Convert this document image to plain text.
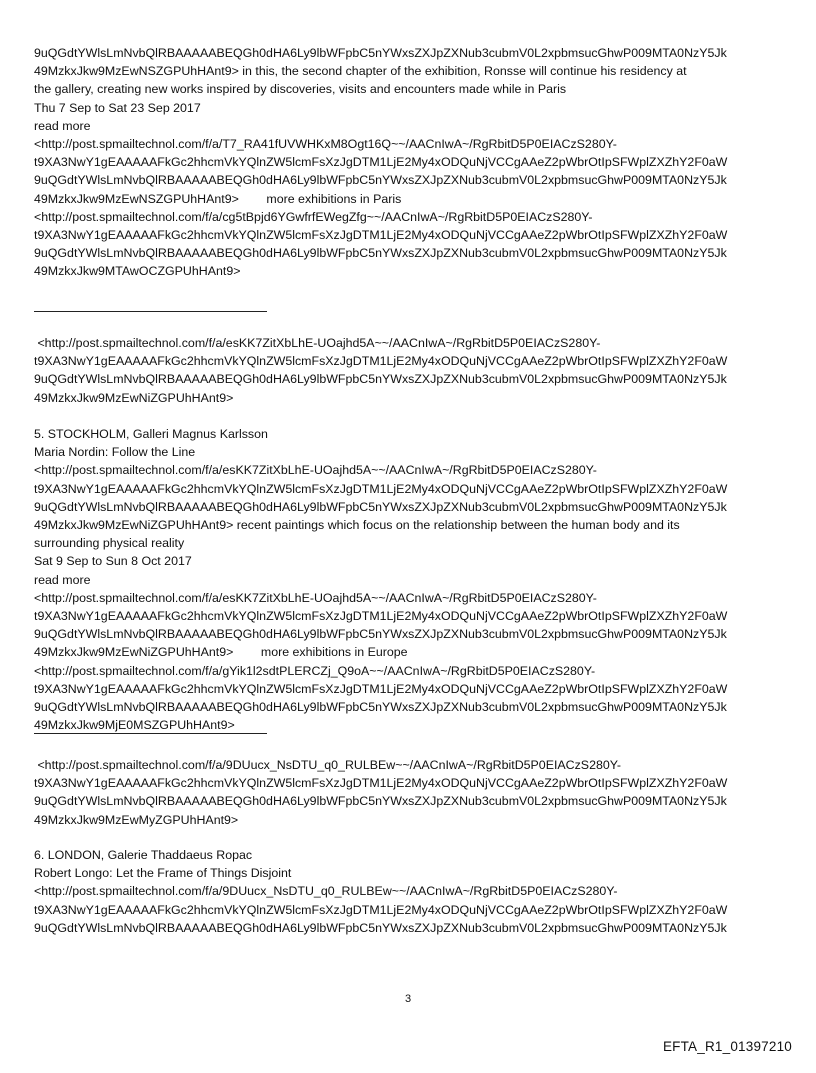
9uQGdtYWlsLmNvbQlRBAAAAABEQGh0dHA6Ly9lbWFpbC5nYWxsZXJpZXNub3cubmV0L2xpbmsucGhwP009MTA0NzY5Jk
49MzkxJkw9MzEwNSZGPUhHAnt9> in this, the second chapter of the exhibition, Ronsse will continue his residency at
the gallery, creating new works inspired by discoveries, visits and encounters made while in Paris
Thu 7 Sep to Sat 23 Sep 2017
read more
<http://post.spmailtechnol.com/f/a/T7_RA41fUVWHKxM8Ogt16Q~~/AACnIwA~/RgRbitD5P0EIACzS280Y-
t9XA3NwY1gEAAAAAFkGc2hhcmVkYQlnZW5lcmFsXzJgDTM1LjE2My4xODQuNjVCCgAAeZ2pWbrOtIpSFWplZXZhY2F0aW
9uQGdtYWlsLmNvbQlRBAAAAABEQGh0dHA6Ly9lbWFpbC5nYWxsZXJpZXNub3cubmV0L2xpbmsucGhwP009MTA0NzY5Jk
49MzkxJkw9MzEwNSZGPUhHAnt9>        more exhibitions in Paris
<http://post.spmailtechnol.com/f/a/cg5tBpjd6YGwfrfEWegZfg~~/AACnIwA~/RgRbitD5P0EIACzS280Y-
t9XA3NwY1gEAAAAAFkGc2hhcmVkYQlnZW5lcmFsXzJgDTM1LjE2My4xODQuNjVCCgAAeZ2pWbrOtIpSFWplZXZhY2F0aW
9uQGdtYWlsLmNvbQlRBAAAAABEQGh0dHA6Ly9lbWFpbC5nYWxsZXJpZXNub3cubmV0L2xpbmsucGhwP009MTA0NzY5Jk
49MzkxJkw9MTAwOCZGPUhHAnt9>
<http://post.spmailtechnol.com/f/a/esKK7ZitXbLhE-UOajhd5A~~/AACnIwA~/RgRbitD5P0EIACzS280Y-
t9XA3NwY1gEAAAAAFkGc2hhcmVkYQlnZW5lcmFsXzJgDTM1LjE2My4xODQuNjVCCgAAeZ2pWbrOtIpSFWplZXZhY2F0aW
9uQGdtYWlsLmNvbQlRBAAAAABEQGh0dHA6Ly9lbWFpbC5nYWxsZXJpZXNub3cubmV0L2xpbmsucGhwP009MTA0NzY5Jk
49MzkxJkw9MzEwNiZGPUhHAnt9>
5. STOCKHOLM, Galleri Magnus Karlsson
Maria Nordin: Follow the Line
<http://post.spmailtechnol.com/f/a/esKK7ZitXbLhE-UOajhd5A~~/AACnIwA~/RgRbitD5P0EIACzS280Y-
t9XA3NwY1gEAAAAAFkGc2hhcmVkYQlnZW5lcmFsXzJgDTM1LjE2My4xODQuNjVCCgAAeZ2pWbrOtIpSFWplZXZhY2F0aW
9uQGdtYWlsLmNvbQlRBAAAAABEQGh0dHA6Ly9lbWFpbC5nYWxsZXJpZXNub3cubmV0L2xpbmsucGhwP009MTA0NzY5Jk
49MzkxJkw9MzEwNiZGPUhHAnt9> recent paintings which focus on the relationship between the human body and its
surrounding physical reality
Sat 9 Sep to Sun 8 Oct 2017
read more
<http://post.spmailtechnol.com/f/a/esKK7ZitXbLhE-UOajhd5A~~/AACnIwA~/RgRbitD5P0EIACzS280Y-
t9XA3NwY1gEAAAAAFkGc2hhcmVkYQlnZW5lcmFsXzJgDTM1LjE2My4xODQuNjVCCgAAeZ2pWbrOtIpSFWplZXZhY2F0aW
9uQGdtYWlsLmNvbQlRBAAAAABEQGh0dHA6Ly9lbWFpbC5nYWxsZXJpZXNub3cubmV0L2xpbmsucGhwP009MTA0NzY5Jk
49MzkxJkw9MzEwNiZGPUhHAnt9>        more exhibitions in Europe
<http://post.spmailtechnol.com/f/a/gYik1l2sdtPLERCZj_Q9oA~~/AACnIwA~/RgRbitD5P0EIACzS280Y-
t9XA3NwY1gEAAAAAFkGc2hhcmVkYQlnZW5lcmFsXzJgDTM1LjE2My4xODQuNjVCCgAAeZ2pWbrOtIpSFWplZXZhY2F0aW
9uQGdtYWlsLmNvbQlRBAAAAABEQGh0dHA6Ly9lbWFpbC5nYWxsZXJpZXNub3cubmV0L2xpbmsucGhwP009MTA0NzY5Jk
49MzkxJkw9MjE0MSZGPUhHAnt9>
<http://post.spmailtechnol.com/f/a/9DUucx_NsDTU_q0_RULBEw~~/AACnIwA~/RgRbitD5P0EIACzS280Y-
t9XA3NwY1gEAAAAAFkGc2hhcmVkYQlnZW5lcmFsXzJgDTM1LjE2My4xODQuNjVCCgAAeZ2pWbrOtIpSFWplZXZhY2F0aW
9uQGdtYWlsLmNvbQlRBAAAAABEQGh0dHA6Ly9lbWFpbC5nYWxsZXJpZXNub3cubmV0L2xpbmsucGhwP009MTA0NzY5Jk
49MzkxJkw9MzEwMyZGPUhHAnt9>
6. LONDON, Galerie Thaddaeus Ropac
Robert Longo: Let the Frame of Things Disjoint
<http://post.spmailtechnol.com/f/a/9DUucx_NsDTU_q0_RULBEw~~/AACnIwA~/RgRbitD5P0EIACzS280Y-
t9XA3NwY1gEAAAAAFkGc2hhcmVkYQlnZW5lcmFsXzJgDTM1LjE2My4xODQuNjVCCgAAeZ2pWbrOtIpSFWplZXZhY2F0aW
9uQGdtYWlsLmNvbQlRBAAAAABEQGh0dHA6Ly9lbWFpbC5nYWxsZXJpZXNub3cubmV0L2xpbmsucGhwP009MTA0NzY5Jk
3
EFTA_R1_01397210
